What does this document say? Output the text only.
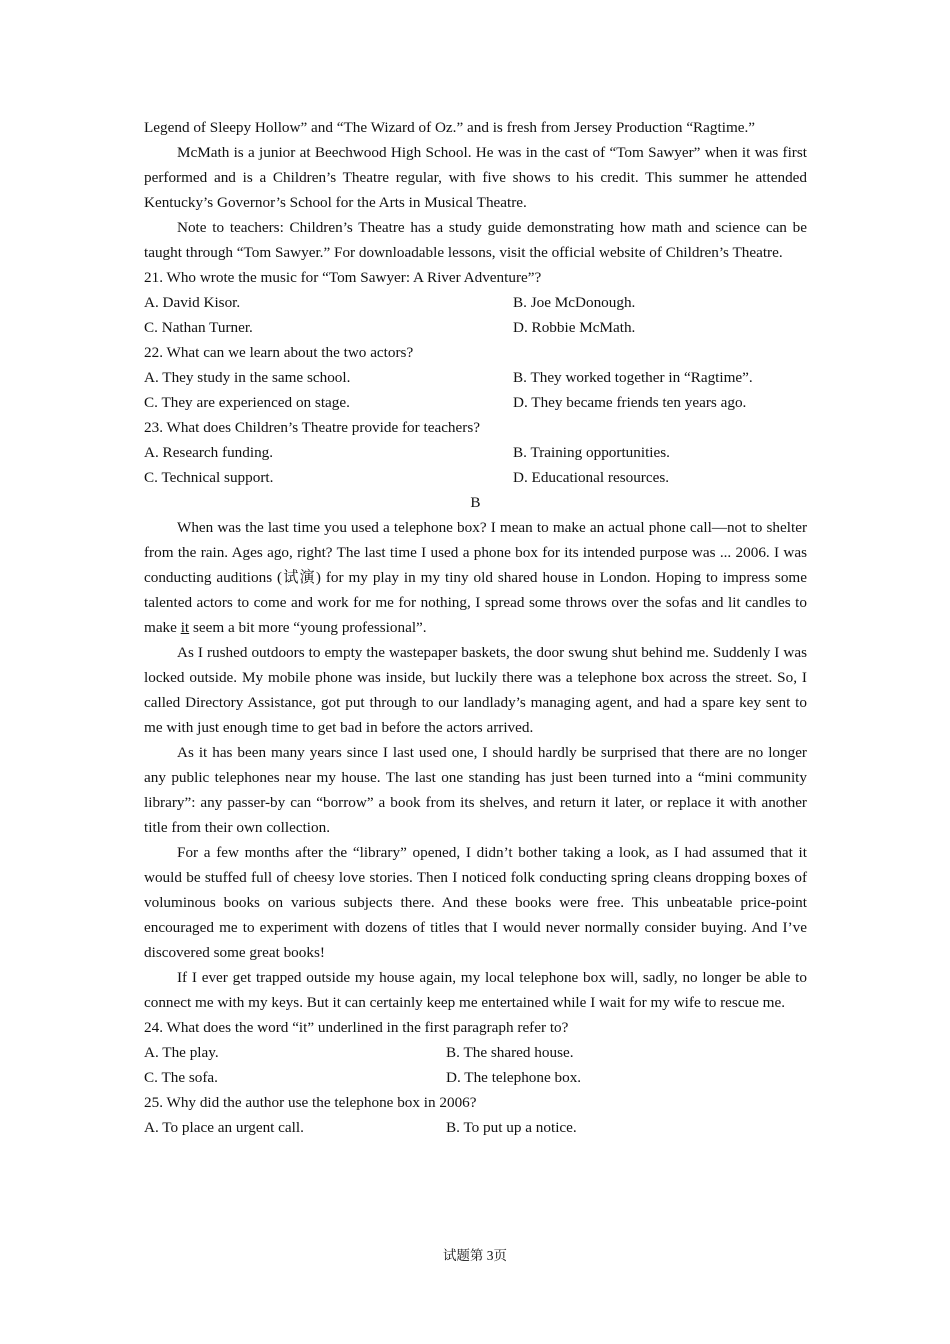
Legend of Sleepy Hollow” and “The Wizard of Oz.” and is fresh from Jersey Production “Ragtime.”

McMath is a junior at Beechwood High School. He was in the cast of “Tom Sawyer” when it was first performed and is a Children’s Theatre regular, with five shows to his credit. This summer he attended Kentucky’s Governor’s School for the Arts in Musical Theatre.

Note to teachers: Children’s Theatre has a study guide demonstrating how math and science can be taught through “Tom Sawyer.” For downloadable lessons, visit the official website of Children’s Theatre.

21. Who wrote the music for “Tom Sawyer: A River Adventure”?
A. David Kisor.	B. Joe McDonough.
C. Nathan Turner.	D. Robbie McMath.
22. What can we learn about the two actors?
A. They study in the same school.	B. They worked together in “Ragtime”.
C. They are experienced on stage.	D. They became friends ten years ago.
23. What does Children’s Theatre provide for teachers?
A. Research funding.	B. Training opportunities.
C. Technical support.	D. Educational resources.
B

When was the last time you used a telephone box? I mean to make an actual phone call—not to shelter from the rain. Ages ago, right? The last time I used a phone box for its intended purpose was ... 2006. I was conducting auditions (试演) for my play in my tiny old shared house in London. Hoping to impress some talented actors to come and work for me for nothing, I spread some throws over the sofas and lit candles to make it seem a bit more “young professional”.

As I rushed outdoors to empty the wastepaper baskets, the door swung shut behind me. Suddenly I was locked outside. My mobile phone was inside, but luckily there was a telephone box across the street. So, I called Directory Assistance, got put through to our landlady’s managing agent, and had a spare key sent to me with just enough time to get bad in before the actors arrived.

As it has been many years since I last used one, I should hardly be surprised that there are no longer any public telephones near my house. The last one standing has just been turned into a “mini community library”: any passer-by can “borrow” a book from its shelves, and return it later, or replace it with another title from their own collection.

For a few months after the “library” opened, I didn’t bother taking a look, as I had assumed that it would be stuffed full of cheesy love stories. Then I noticed folk conducting spring cleans dropping boxes of voluminous books on various subjects there. And these books were free. This unbeatable price-point encouraged me to experiment with dozens of titles that I would never normally consider buying. And I’ve discovered some great books!

If I ever get trapped outside my house again, my local telephone box will, sadly, no longer be able to connect me with my keys. But it can certainly keep me entertained while I wait for my wife to rescue me.

24. What does the word “it” underlined in the first paragraph refer to?
A. The play.	B. The shared house.
C. The sofa.	D. The telephone box.
25. Why did the author use the telephone box in 2006?
A. To place an urgent call.	B. To put up a notice.
试题第 3页
